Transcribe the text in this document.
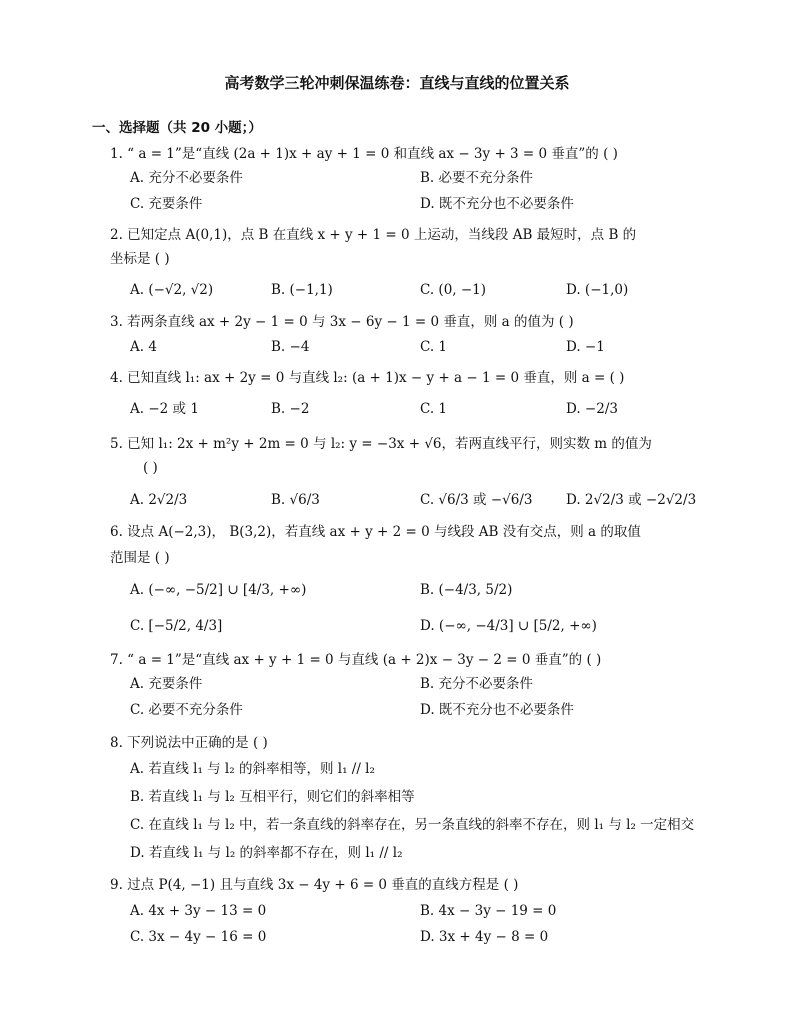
高考数学三轮冲刺保温练卷：直线与直线的位置关系
一、选择题（共 20 小题；）
1. “ a = 1”是“直线 (2a + 1)x + ay + 1 = 0 和直线 ax − 3y + 3 = 0 垂直”的 ( )
A. 充分不必要条件	B. 必要不充分条件
C. 充要条件	D. 既不充分也不必要条件
2. 已知定点 A(0,1)，点 B 在直线 x + y + 1 = 0 上运动，当线段 AB 最短时，点 B 的
坐标是 ( )
A. (−√2, √2)	B. (−1,1)	C. (0, −1)	D. (−1,0)
3. 若两条直线 ax + 2y − 1 = 0 与 3x − 6y − 1 = 0 垂直，则 a 的值为 ( )
A. 4	B. −4	C. 1	D. −1
4. 已知直线 l₁: ax + 2y = 0 与直线 l₂: (a + 1)x − y + a − 1 = 0 垂直，则 a = ( )
A. −2 或 1	B. −2	C. 1	D. −2/3
5. 已知 l₁: 2x + m²y + 2m = 0 与 l₂: y = −3x + √6，若两直线平行，则实数 m 的值为
( )
A. 2√2/3	B. √6/3	C. √6/3 或 −√6/3 D. 2√2/3 或 −2√2/3
6. 设点 A(−2,3)， B(3,2)，若直线 ax + y + 2 = 0 与线段 AB 没有交点，则 a 的取值
范围是 ( )
A. (−∞, −5/2] ∪ [4/3, +∞)	B. (−4/3, 5/2)
C. [−5/2, 4/3]	D. (−∞, −4/3] ∪ [5/2, +∞)
7. “ a = 1”是“直线 ax + y + 1 = 0 与直线 (a + 2)x − 3y − 2 = 0 垂直”的 ( )
A. 充要条件	B. 充分不必要条件
C. 必要不充分条件	D. 既不充分也不必要条件
8. 下列说法中正确的是 ( )
A. 若直线 l₁ 与 l₂ 的斜率相等，则 l₁ // l₂
B. 若直线 l₁ 与 l₂ 互相平行，则它们的斜率相等
C. 在直线 l₁ 与 l₂ 中，若一条直线的斜率存在，另一条直线的斜率不存在，则 l₁ 与 l₂ 一定相交
D. 若直线 l₁ 与 l₂ 的斜率都不存在，则 l₁ // l₂
9. 过点 P(4, −1) 且与直线 3x − 4y + 6 = 0 垂直的直线方程是 ( )
A. 4x + 3y − 13 = 0	B. 4x − 3y − 19 = 0
C. 3x − 4y − 16 = 0	D. 3x + 4y − 8 = 0
